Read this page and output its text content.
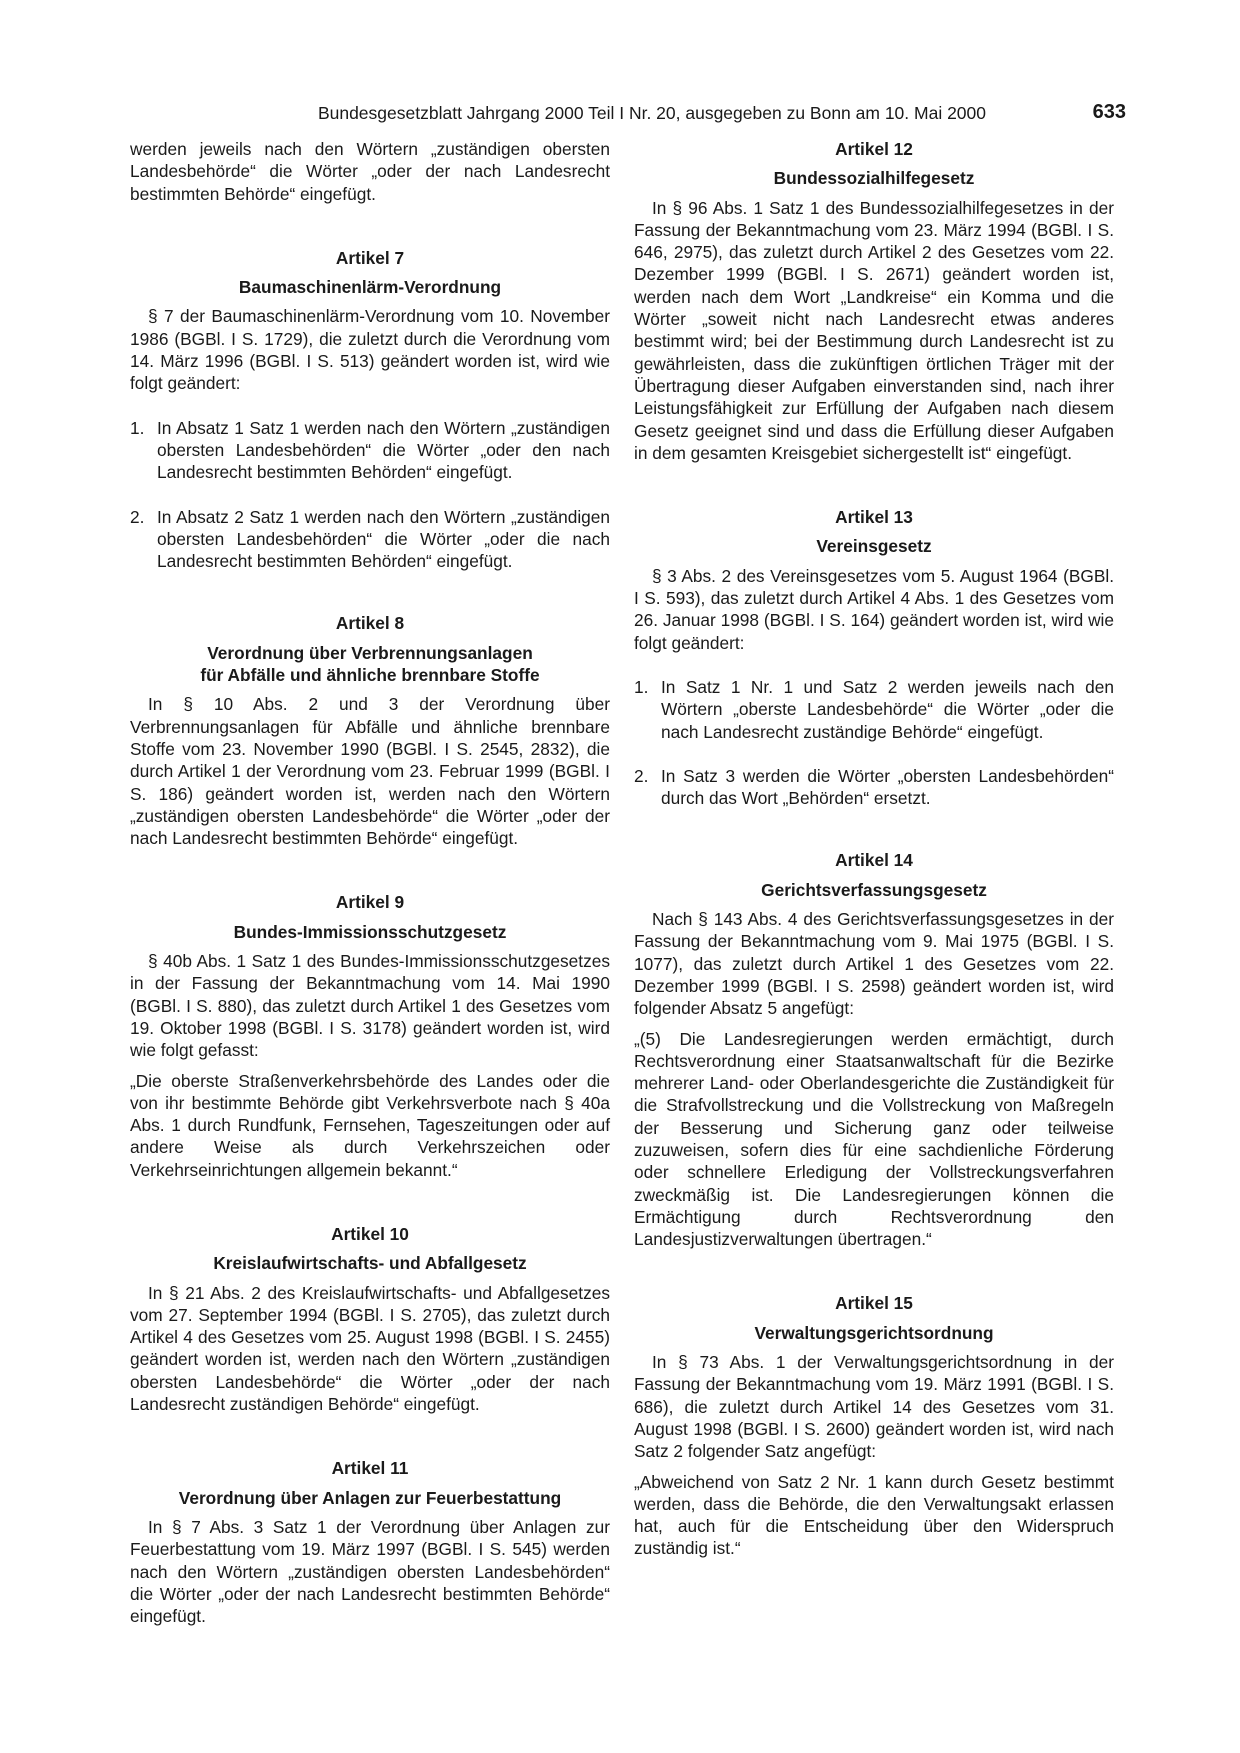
Bundesgesetzblatt Jahrgang 2000 Teil I Nr. 20, ausgegeben zu Bonn am 10. Mai 2000	633

werden jeweils nach den Wörtern „zuständigen obersten Landesbehörde“ die Wörter „oder der nach Landesrecht bestimmten Behörde“ eingefügt.

Artikel 7
Baumaschinenlärm-Verordnung

§ 7 der Baumaschinenlärm-Verordnung vom 10. November 1986 (BGBl. I S. 1729), die zuletzt durch die Verordnung vom 14. März 1996 (BGBl. I S. 513) geändert worden ist, wird wie folgt geändert:

1. In Absatz 1 Satz 1 werden nach den Wörtern „zuständigen obersten Landesbehörden“ die Wörter „oder den nach Landesrecht bestimmten Behörden“ eingefügt.
2. In Absatz 2 Satz 1 werden nach den Wörtern „zuständigen obersten Landesbehörden“ die Wörter „oder die nach Landesrecht bestimmten Behörden“ eingefügt.
Artikel 8
Verordnung über Verbrennungsanlagen
für Abfälle und ähnliche brennbare Stoffe

In § 10 Abs. 2 und 3 der Verordnung über Verbrennungsanlagen für Abfälle und ähnliche brennbare Stoffe vom 23. November 1990 (BGBl. I S. 2545, 2832), die durch Artikel 1 der Verordnung vom 23. Februar 1999 (BGBl. I S. 186) geändert worden ist, werden nach den Wörtern „zuständigen obersten Landesbehörde“ die Wörter „oder der nach Landesrecht bestimmten Behörde“ eingefügt.

Artikel 9
Bundes-Immissionsschutzgesetz

§ 40b Abs. 1 Satz 1 des Bundes-Immissionsschutzgesetzes in der Fassung der Bekanntmachung vom 14. Mai 1990 (BGBl. I S. 880), das zuletzt durch Artikel 1 des Gesetzes vom 19. Oktober 1998 (BGBl. I S. 3178) geändert worden ist, wird wie folgt gefasst:

„Die oberste Straßenverkehrsbehörde des Landes oder die von ihr bestimmte Behörde gibt Verkehrsverbote nach § 40a Abs. 1 durch Rundfunk, Fernsehen, Tageszeitungen oder auf andere Weise als durch Verkehrszeichen oder Verkehrseinrichtungen allgemein bekannt.“

Artikel 10
Kreislaufwirtschafts- und Abfallgesetz

In § 21 Abs. 2 des Kreislaufwirtschafts- und Abfallgesetzes vom 27. September 1994 (BGBl. I S. 2705), das zuletzt durch Artikel 4 des Gesetzes vom 25. August 1998 (BGBl. I S. 2455) geändert worden ist, werden nach den Wörtern „zuständigen obersten Landesbehörde“ die Wörter „oder der nach Landesrecht zuständigen Behörde“ eingefügt.

Artikel 11
Verordnung über Anlagen zur Feuerbestattung

In § 7 Abs. 3 Satz 1 der Verordnung über Anlagen zur Feuerbestattung vom 19. März 1997 (BGBl. I S. 545) werden nach den Wörtern „zuständigen obersten Landesbehörden“ die Wörter „oder der nach Landesrecht bestimmten Behörde“ eingefügt.

Artikel 12
Bundessozialhilfegesetz

In § 96 Abs. 1 Satz 1 des Bundessozialhilfegesetzes in der Fassung der Bekanntmachung vom 23. März 1994 (BGBl. I S. 646, 2975), das zuletzt durch Artikel 2 des Gesetzes vom 22. Dezember 1999 (BGBl. I S. 2671) geändert worden ist, werden nach dem Wort „Landkreise“ ein Komma und die Wörter „soweit nicht nach Landesrecht etwas anderes bestimmt wird; bei der Bestimmung durch Landesrecht ist zu gewährleisten, dass die zukünftigen örtlichen Träger mit der Übertragung dieser Aufgaben einverstanden sind, nach ihrer Leistungsfähigkeit zur Erfüllung der Aufgaben nach diesem Gesetz geeignet sind und dass die Erfüllung dieser Aufgaben in dem gesamten Kreisgebiet sichergestellt ist“ eingefügt.

Artikel 13
Vereinsgesetz

§ 3 Abs. 2 des Vereinsgesetzes vom 5. August 1964 (BGBl. I S. 593), das zuletzt durch Artikel 4 Abs. 1 des Gesetzes vom 26. Januar 1998 (BGBl. I S. 164) geändert worden ist, wird wie folgt geändert:

1. In Satz 1 Nr. 1 und Satz 2 werden jeweils nach den Wörtern „oberste Landesbehörde“ die Wörter „oder die nach Landesrecht zuständige Behörde“ eingefügt.
2. In Satz 3 werden die Wörter „obersten Landesbehörden“ durch das Wort „Behörden“ ersetzt.
Artikel 14
Gerichtsverfassungsgesetz

Nach § 143 Abs. 4 des Gerichtsverfassungsgesetzes in der Fassung der Bekanntmachung vom 9. Mai 1975 (BGBl. I S. 1077), das zuletzt durch Artikel 1 des Gesetzes vom 22. Dezember 1999 (BGBl. I S. 2598) geändert worden ist, wird folgender Absatz 5 angefügt:

„(5) Die Landesregierungen werden ermächtigt, durch Rechtsverordnung einer Staatsanwaltschaft für die Bezirke mehrerer Land- oder Oberlandesgerichte die Zuständigkeit für die Strafvollstreckung und die Vollstreckung von Maßregeln der Besserung und Sicherung ganz oder teilweise zuzuweisen, sofern dies für eine sachdienliche Förderung oder schnellere Erledigung der Vollstreckungsverfahren zweckmäßig ist. Die Landesregierungen können die Ermächtigung durch Rechtsverordnung den Landesjustizverwaltungen übertragen.“

Artikel 15
Verwaltungsgerichtsordnung

In § 73 Abs. 1 der Verwaltungsgerichtsordnung in der Fassung der Bekanntmachung vom 19. März 1991 (BGBl. I S. 686), die zuletzt durch Artikel 14 des Gesetzes vom 31. August 1998 (BGBl. I S. 2600) geändert worden ist, wird nach Satz 2 folgender Satz angefügt:

„Abweichend von Satz 2 Nr. 1 kann durch Gesetz bestimmt werden, dass die Behörde, die den Verwaltungsakt erlassen hat, auch für die Entscheidung über den Widerspruch zuständig ist.“
